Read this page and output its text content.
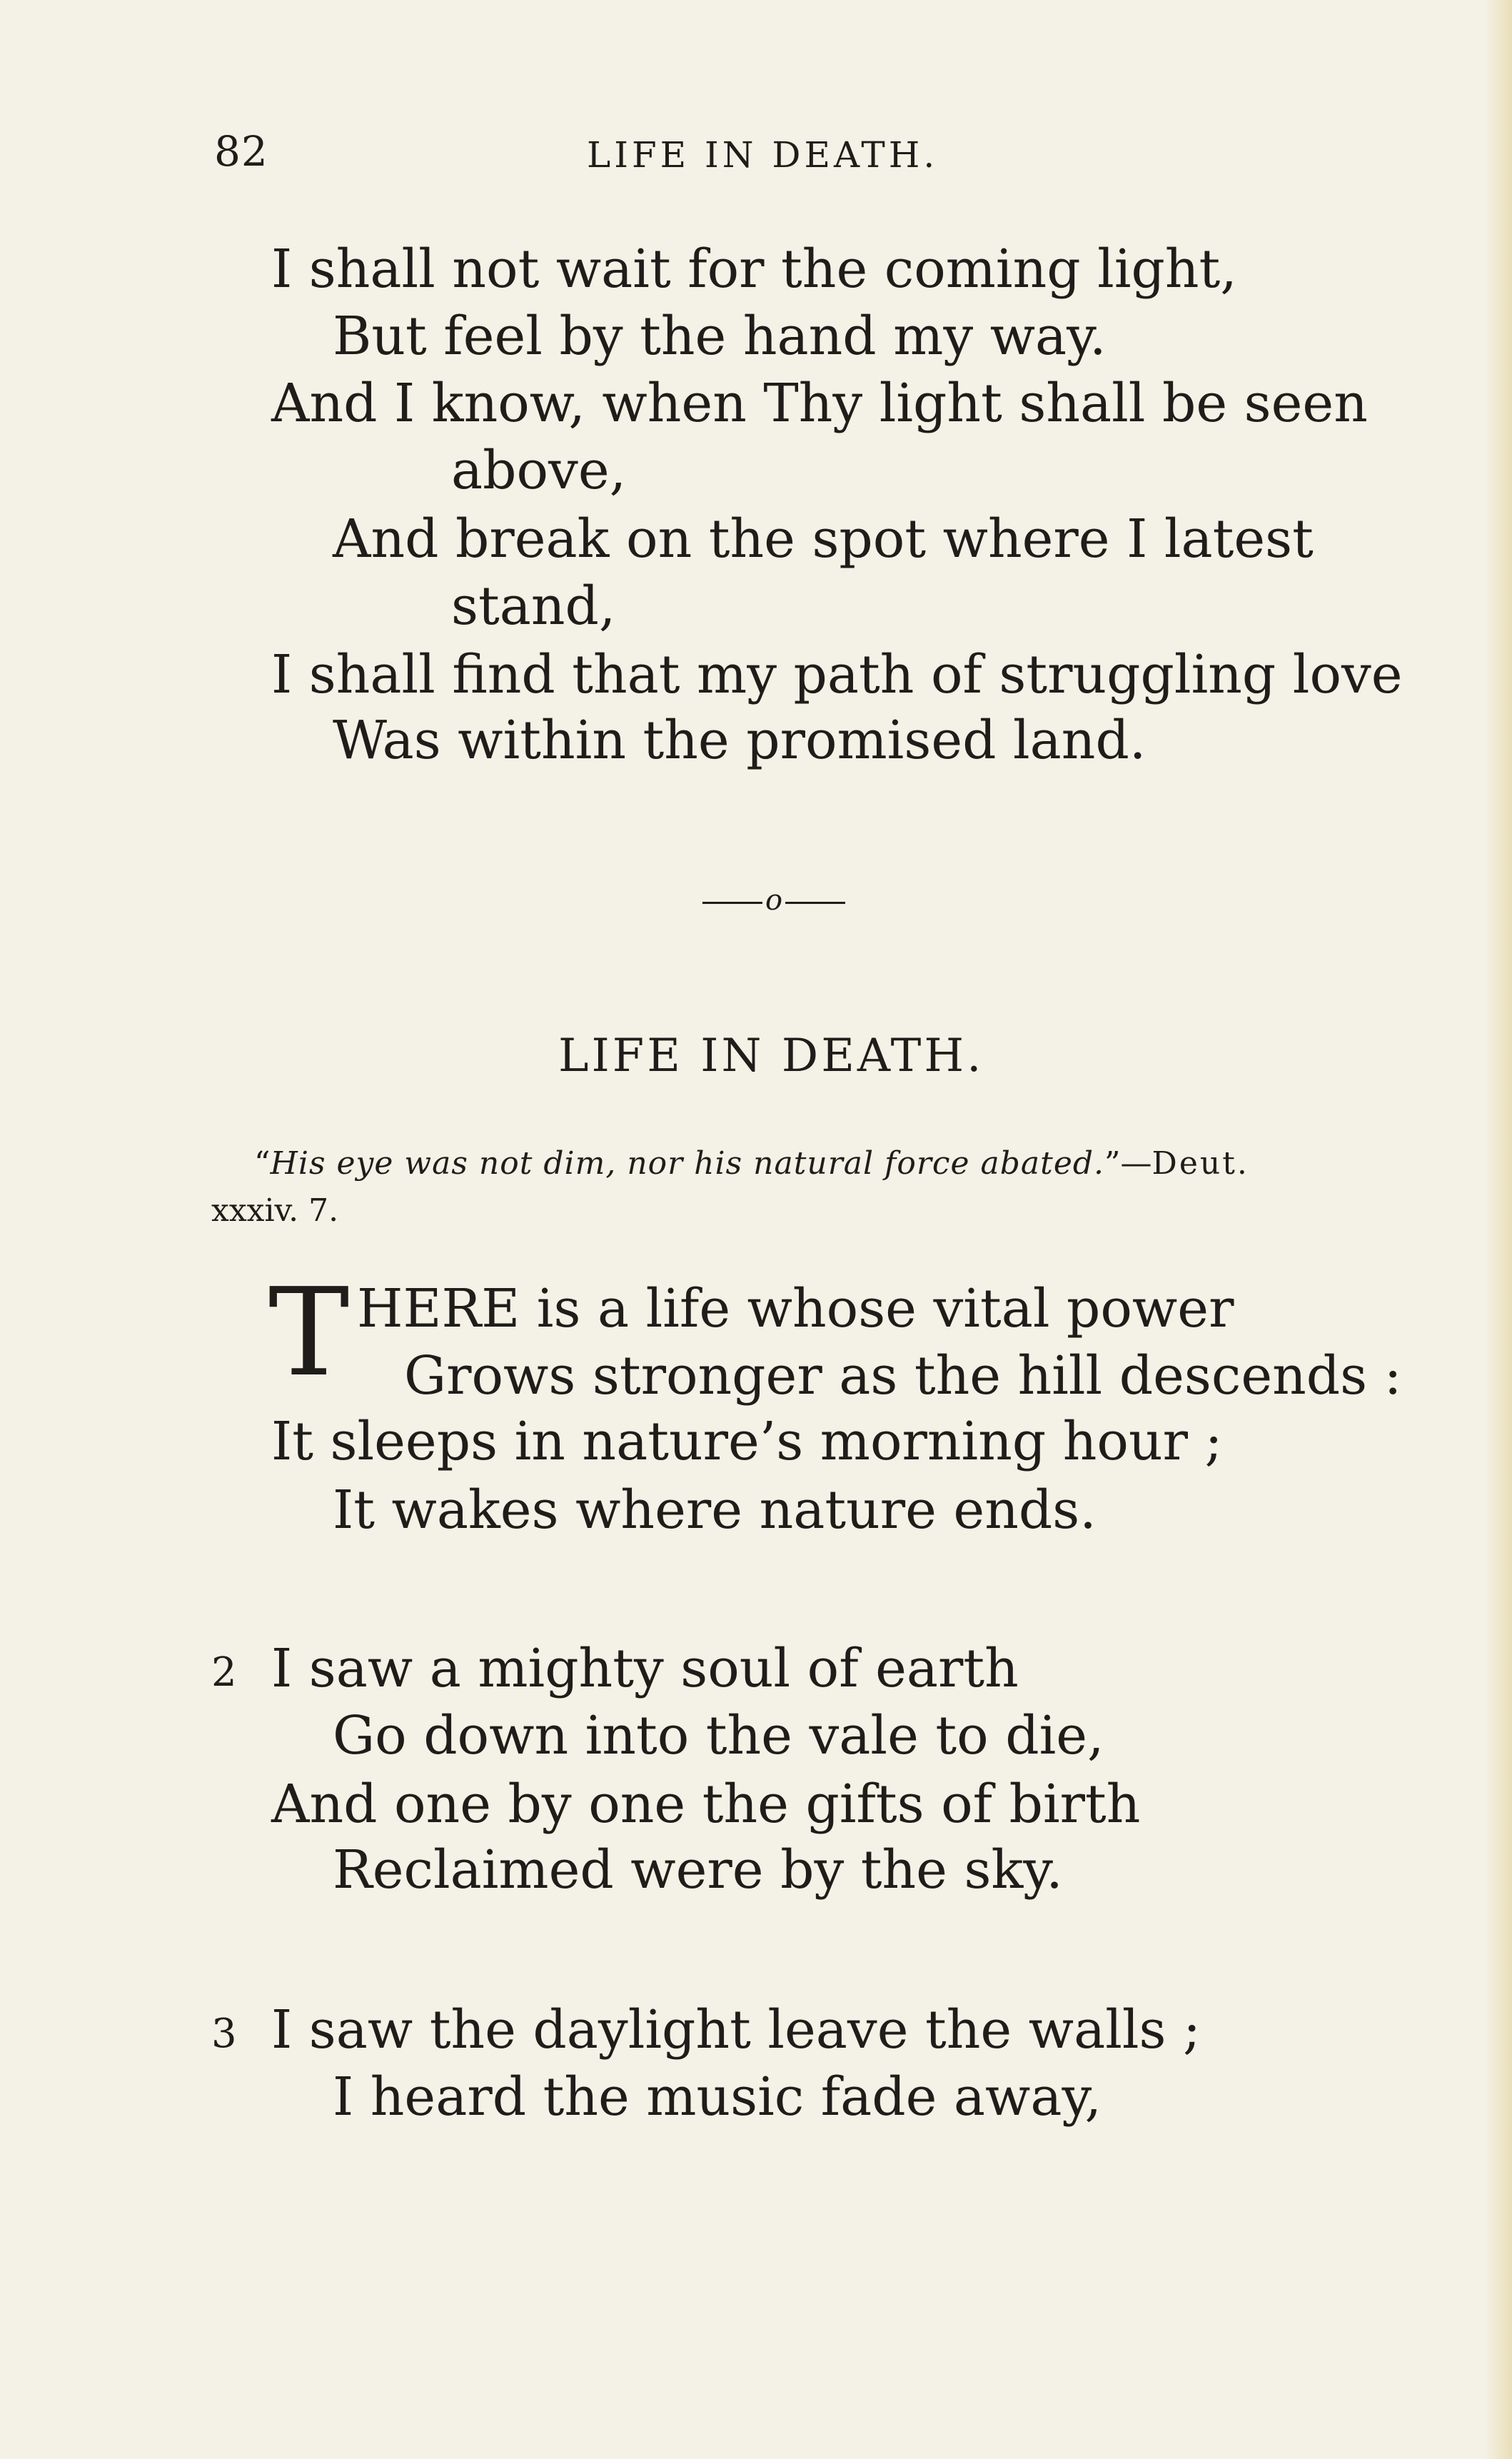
82	LIFE IN DEATH.
I shall not wait for the coming light,
But feel by the hand my way.
And I know, when Thy light shall be seen
above,
And break on the spot where I latest
stand,
I shall find that my path of struggling love
Was within the promised land.
o
LIFE IN DEATH.
“His eye was not dim, nor his natural force abated.”—Deut.
xxxiv. 7.
T HERE is a life whose vital power
Grows stronger as the hill descends :
It sleeps in nature’s morning hour ;
It wakes where nature ends.
2 I saw a mighty soul of earth
Go down into the vale to die,
And one by one the gifts of birth
Reclaimed were by the sky.
3 I saw the daylight leave the walls ;
I heard the music fade away,
